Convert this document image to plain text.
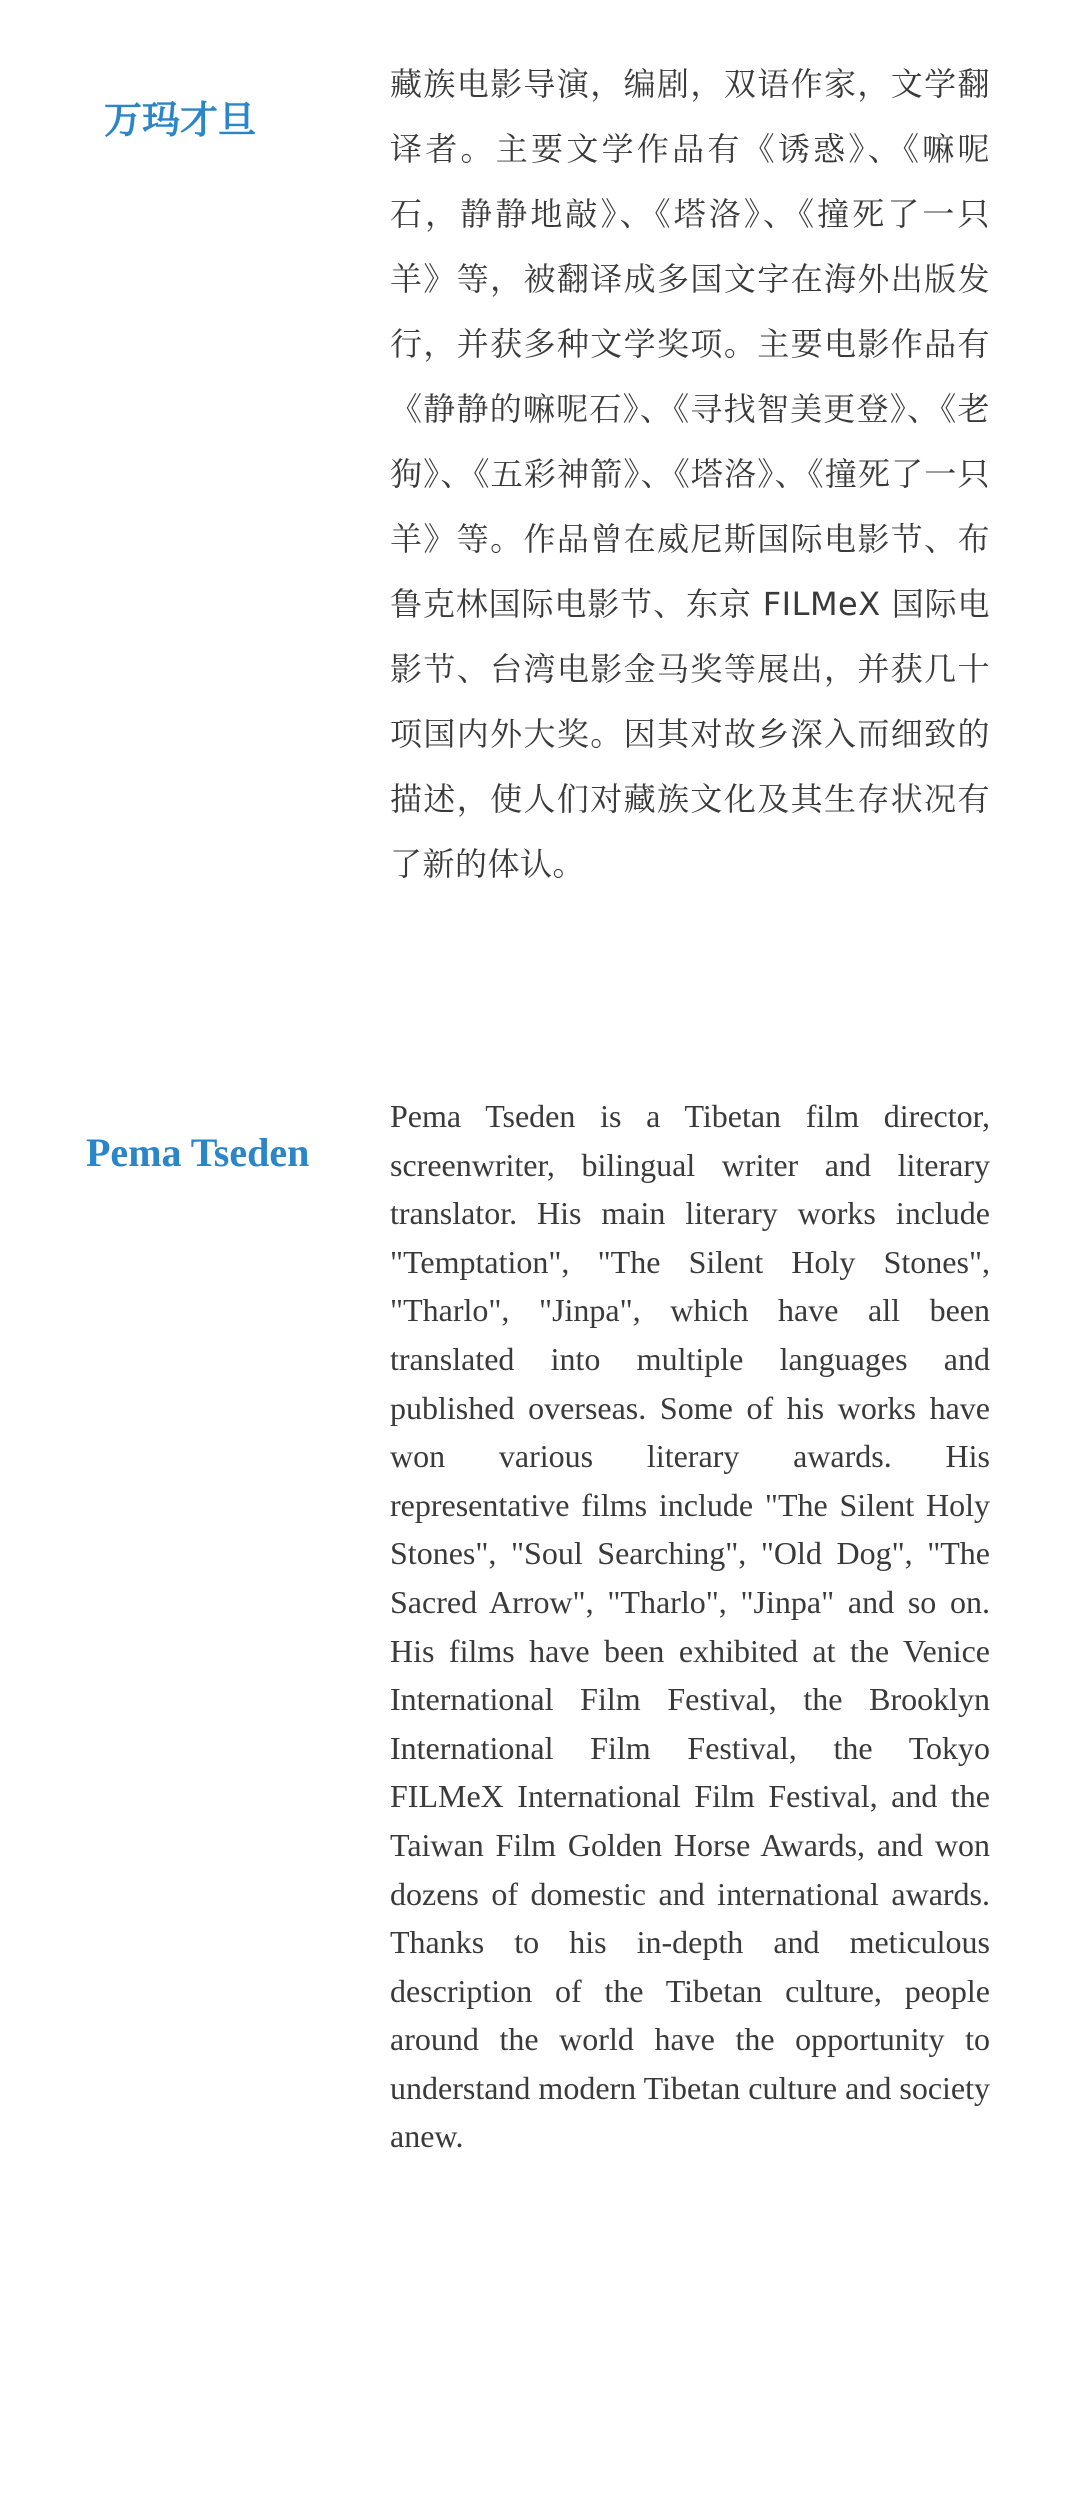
万玛才旦

藏族电影导演，编剧，双语作家，文学翻译者。主要文学作品有《诱惑》、《嘛呢石，静静地敲》、《塔洛》、《撞死了一只羊》等，被翻译成多国文字在海外出版发行，并获多种文学奖项。主要电影作品有《静静的嘛呢石》、《寻找智美更登》、《老狗》、《五彩神箭》、《塔洛》、《撞死了一只羊》等。作品曾在威尼斯国际电影节、布鲁克林国际电影节、东京 FILMeX 国际电影节、台湾电影金马奖等展出，并获几十项国内外大奖。因其对故乡深入而细致的描述，使人们对藏族文化及其生存状况有了新的体认。

Pema Tseden

Pema Tseden is a Tibetan film director, screenwriter, bilingual writer and literary translator. His main literary works include "Temptation", "The Silent Holy Stones", "Tharlo", "Jinpa", which have all been translated into multiple languages and published overseas. Some of his works have won various literary awards. His representative films include "The Silent Holy Stones", "Soul Searching", "Old Dog", "The Sacred Arrow", "Tharlo", "Jinpa" and so on. His films have been exhibited at the Venice International Film Festival, the Brooklyn International Film Festival, the Tokyo FILMeX International Film Festival, and the Taiwan Film Golden Horse Awards, and won dozens of domestic and international awards. Thanks to his in-depth and meticulous description of the Tibetan culture, people around the world have the opportunity to understand modern Tibetan culture and society anew.
